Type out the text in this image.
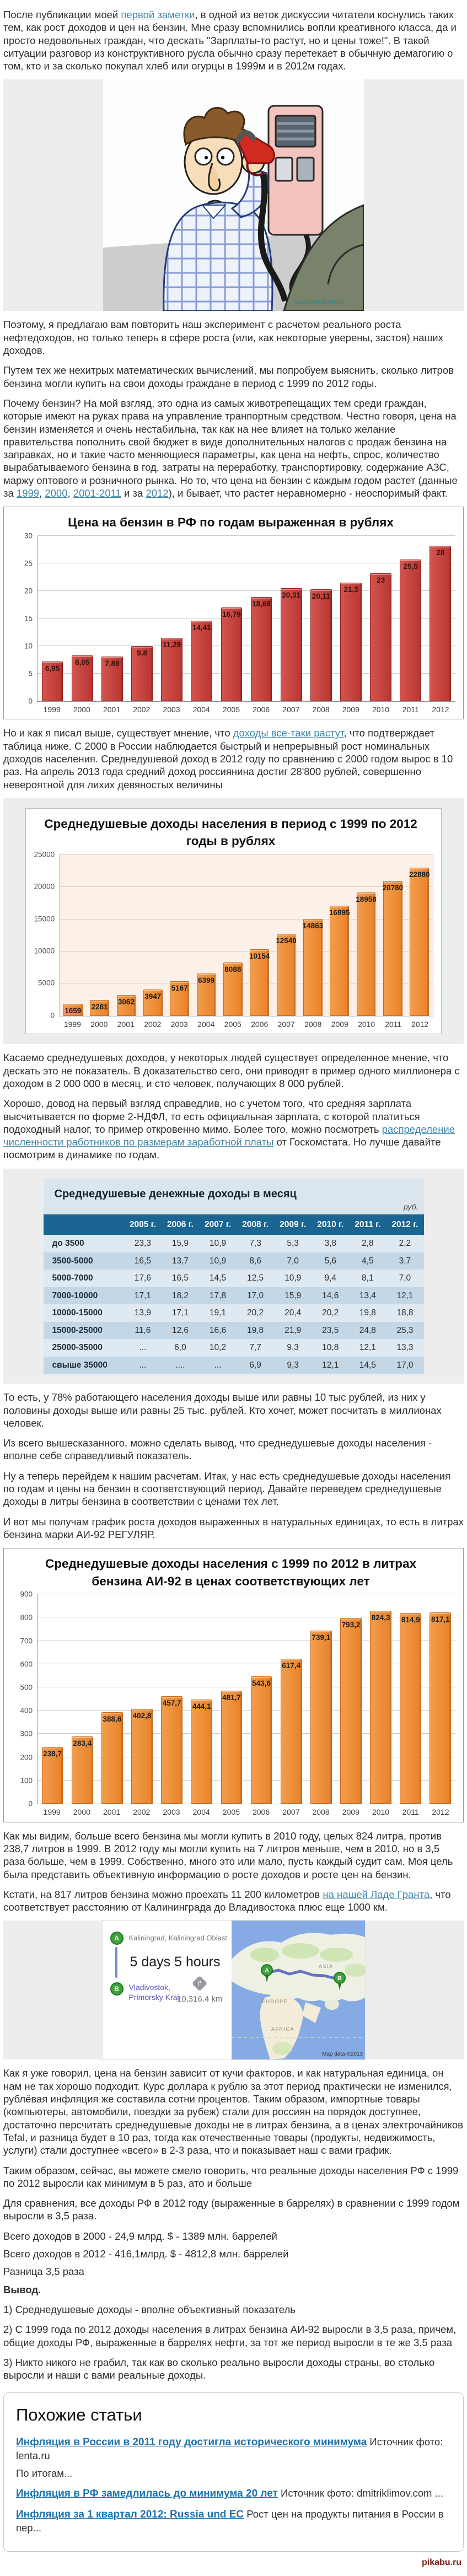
После публикации моей первой заметки, в одной из веток дискуссии читатели коснулись таких тем, как рост доходов и цен на бензин. Мне сразу вспомнились вопли креативного класса, да и просто недовольных граждан, что дескать "Зарплаты-то растут, но и цены тоже!". В такой ситуации разговор из конструктивного русла обычно сразу перетекает в обычную демагогию о том, кто и за сколько покупал хлеб или огурцы в 1999м и в 2012м годах.

www.velek-life.ru

Поэтому, я предлагаю вам повторить наш эксперимент с расчетом реального роста нефтедоходов, но только теперь в сфере роста (или, как некоторые уверены, застоя) наших доходов.

Путем тех же нехитрых математических вычислений, мы попробуем выяснить, сколько литров бензина могли купить на свои доходы граждане в период с 1999 по 2012 годы.

Почему бензин? На мой взгляд, это одна из самых животрепещащих тем среди граждан, которые имеют на руках права на управление транпортным средством. Честно говоря, цена на бензин изменяется и очень нестабильна, так как на нее влияет на только желание правительства пополнить свой бюджет в виде дополнительных налогов с продаж бензина на заправках, но и такие часто меняющиеся параметры, как цена на нефть, спрос, количество вырабатываемого бензина в год, затраты на переработку, транспортировку, содержание АЗС, маржу оптового и розничного рынка. Но то, что цена на бензин с каждым годом растет (данные за 1999, 2000, 2001-2011 и за 2012), и бывает, что растет неравномерно - неоспоримый факт.

Цена на бензин в РФ по годам выраженная в рублях
0
5
10
15
20
25
30
6,95
8,05 7,88
9,8
11,29
14,41
16,79
18,68
20,31 20,11
21,3
23
25,5
28
1999	2000	2001	2002	2003	2004	2005	2006	2007	2008	2009	2010	2011	2012

Но и как я писал выше, существует мнение, что доходы все-таки растут, что подтверждает таблица ниже. С 2000 в России наблюдается быстрый и непрерывный рост номинальных доходов населения. Среднедушевой доход в 2012 году по сравнению с 2000 годом вырос в 10 раз. На апрель 2013 года средний доход россиянина достиг 28'800 рублей, совершенно невероятной для лихих девяностых величины

Среднедушевые доходы населения в период с 1999 по 2012
годы в рублях
0
5000
10000
15000
20000
25000
1659 2281
3062
3947
5167
6399
8088
10154
12540
14863
16895
18958
20780
22880
1999	2000	2001	2002	2003	2004	2005	2006	2007	2008	2009	2010	2011	2012

Касаемо среднедушевых доходов, у некоторых людей существует определенное мнение, что дескать это не показатель. В доказательство сего, они приводят в пример одного миллионера с доходом в 2 000 000 в месяц, и сто человек, получающих 8 000 рублей.

Хорошо, довод на первый взгляд справедлив, но с учетом того, что средняя зарплата высчитывается по форме 2-НДФЛ, то есть официальная зарплата, с которой платиться подоходный налог, то пример откровенно мимо. Более того, можно посмотреть распределение численности работников по размерам заработной платы от Госкомстата. Но лучше давайте посмотрим в динамике по годам.

Среднедушевые денежные доходы в месяц
руб.
	2005 г.	2006 г.	2007 г.	2008 г.	2009 г.	2010 г.	2011 г.	2012 г.
до 3500	23,3	15,9	10,9	7,3	5,3	3,8	2,8	2,2
3500-5000	16,5	13,7	10,9	8,6	7,0	5,6	4,5	3,7
5000-7000	17,6	16,5	14,5	12,5	10,9	9,4	8,1	7,0
7000-10000	17,1	18,2	17,8	17,0	15,9	14,6	13,4	12,1
10000-15000	13,9	17,1	19,1	20,2	20,4	20,2	19,8	18,8
15000-25000	11,6	12,6	16,6	19,8	21,9	23,5	24,8	25,3
25000-35000	...	6,0	10,2	7,7	9,3	10,8	12,1	13,3
свыше 35000	...	....	...	6,9	9,3	12,1	14,5	17,0

То есть, у 78% работающего населения доходы выше или равны 10 тыс рублей, из них у половины доходы выше или равны 25 тыс. рублей. Кто хочет, может посчитать в миллионах человек.

Из всего вышесказанного, можно сделать вывод, что среднедушевые доходы населения - вполне себе справедливый показатель.

Ну а теперь перейдем к нашим расчетам. Итак, у нас есть среднедушевые доходы населения по годам и цены на бензин в соответствующий период. Давайте переведем среднедушевые доходы в литры бензина в соответствии с ценами тех лет.

И вот мы получам график роста доходов выраженных в натуральных единицах, то есть в литрах бензина марки АИ-92 РЕГУЛЯР.

Среднедушевые доходы населения с 1999 по 2012 в литрах
бензина АИ-92 в ценах соответствующих лет
0
100
200
300
400
500
600
700
800
900
238,7
283,4
388,6 402,8
457,7 444,1
481,7
543,6
617,4
739,1
793,2
824,3 814,9 817,1
1999	2000	2001	2002	2003	2004	2005	2006	2007	2008	2009	2010	2011	2012

Как мы видим, больше всего бензина мы могли купить в 2010 году, целых 824 литра, против 238,7 литров в 1999. В 2012 году мы могли купить на 7 литров меньше, чем в 2010, но в 3,5 раза больше, чем в 1999. Собственно, много это или мало, пусть каждый судит сам. Моя цель была представить объективную информацию о росте доходов и росте цен на бензин.

Кстати, на 817 литров бензина можно проехать 11 200 километров на нашей Ладе Гранта, что соответствует расстоянию от Калининграда до Владивостока плюс еще 1000 км.

A	Kaliningrad, Kaliningrad Oblast
5 days 5 hours
B	Vladivostok,
Primorsky Krai
↱
10,316.4 km
A
B
EUROPE
ASIA
AFRICA
Map data ©2013

Как я уже говорил, цена на бензин зависит от кучи факторов, и как натуральная единица, он нам не так хорошо подходит. Курс доллара к рублю за этот период практически не изменился, рублёвая инфляция же составила сотни процентов. Таким образом, импортные товары (компьютеры, автомобили, поездки за рубеж) стали для россиян на порядок доступнее, достаточно персчитать среднедушевые доходы не в литрах бензина, а в ценах электрочайников Tefal, и разница будет в 10 раз, тогда как отечественные товары (продукты, недвижимость, услуги) стали доступнее «всего» в 2-3 раза, что и показывает наш с вами график.

Таким образом, сейчас, вы можете смело говорить, что реальные доходы населения РФ с 1999 по 2012 выросли как минимум в 5 раз, ато и больше

Для сравнения, все доходы РФ в 2012 году (выраженные в баррелях) в сравнении с 1999 годом выросли в 3,5 раза.

Всего доходов в 2000 - 24,9 млрд. $ - 1389 млн. баррелей

Всего доходов в 2012 - 416,1млрд. $ - 4812,8 млн. баррелей

Разница 3,5 раза

Вывод.

1) Среднедушевые доходы - вполне объективный показатель

2) С 1999 года по 2012 доходы населения в литрах бензина АИ-92 выросли в 3,5 раза, причем, общие доходы РФ, выраженные в баррелях нефти, за тот же период выросли в те же 3,5 раза

3) Никто никого не грабил, так как во сколько реально выросли доходы страны, во столько выросли и наши с вами реальные доходы.

Похожие статьи
Инфляция в России в 2011 году достигла исторического минимума Источник фото: lenta.ru
По итогам...
Инфляция в РФ замедлилась до минимума 20 лет Источник фото: dmitriklimov.com ...
Инфляция за 1 квартал 2012: Russia und ЕС Рост цен на продукты питания в России в пер...
pikabu.ru
